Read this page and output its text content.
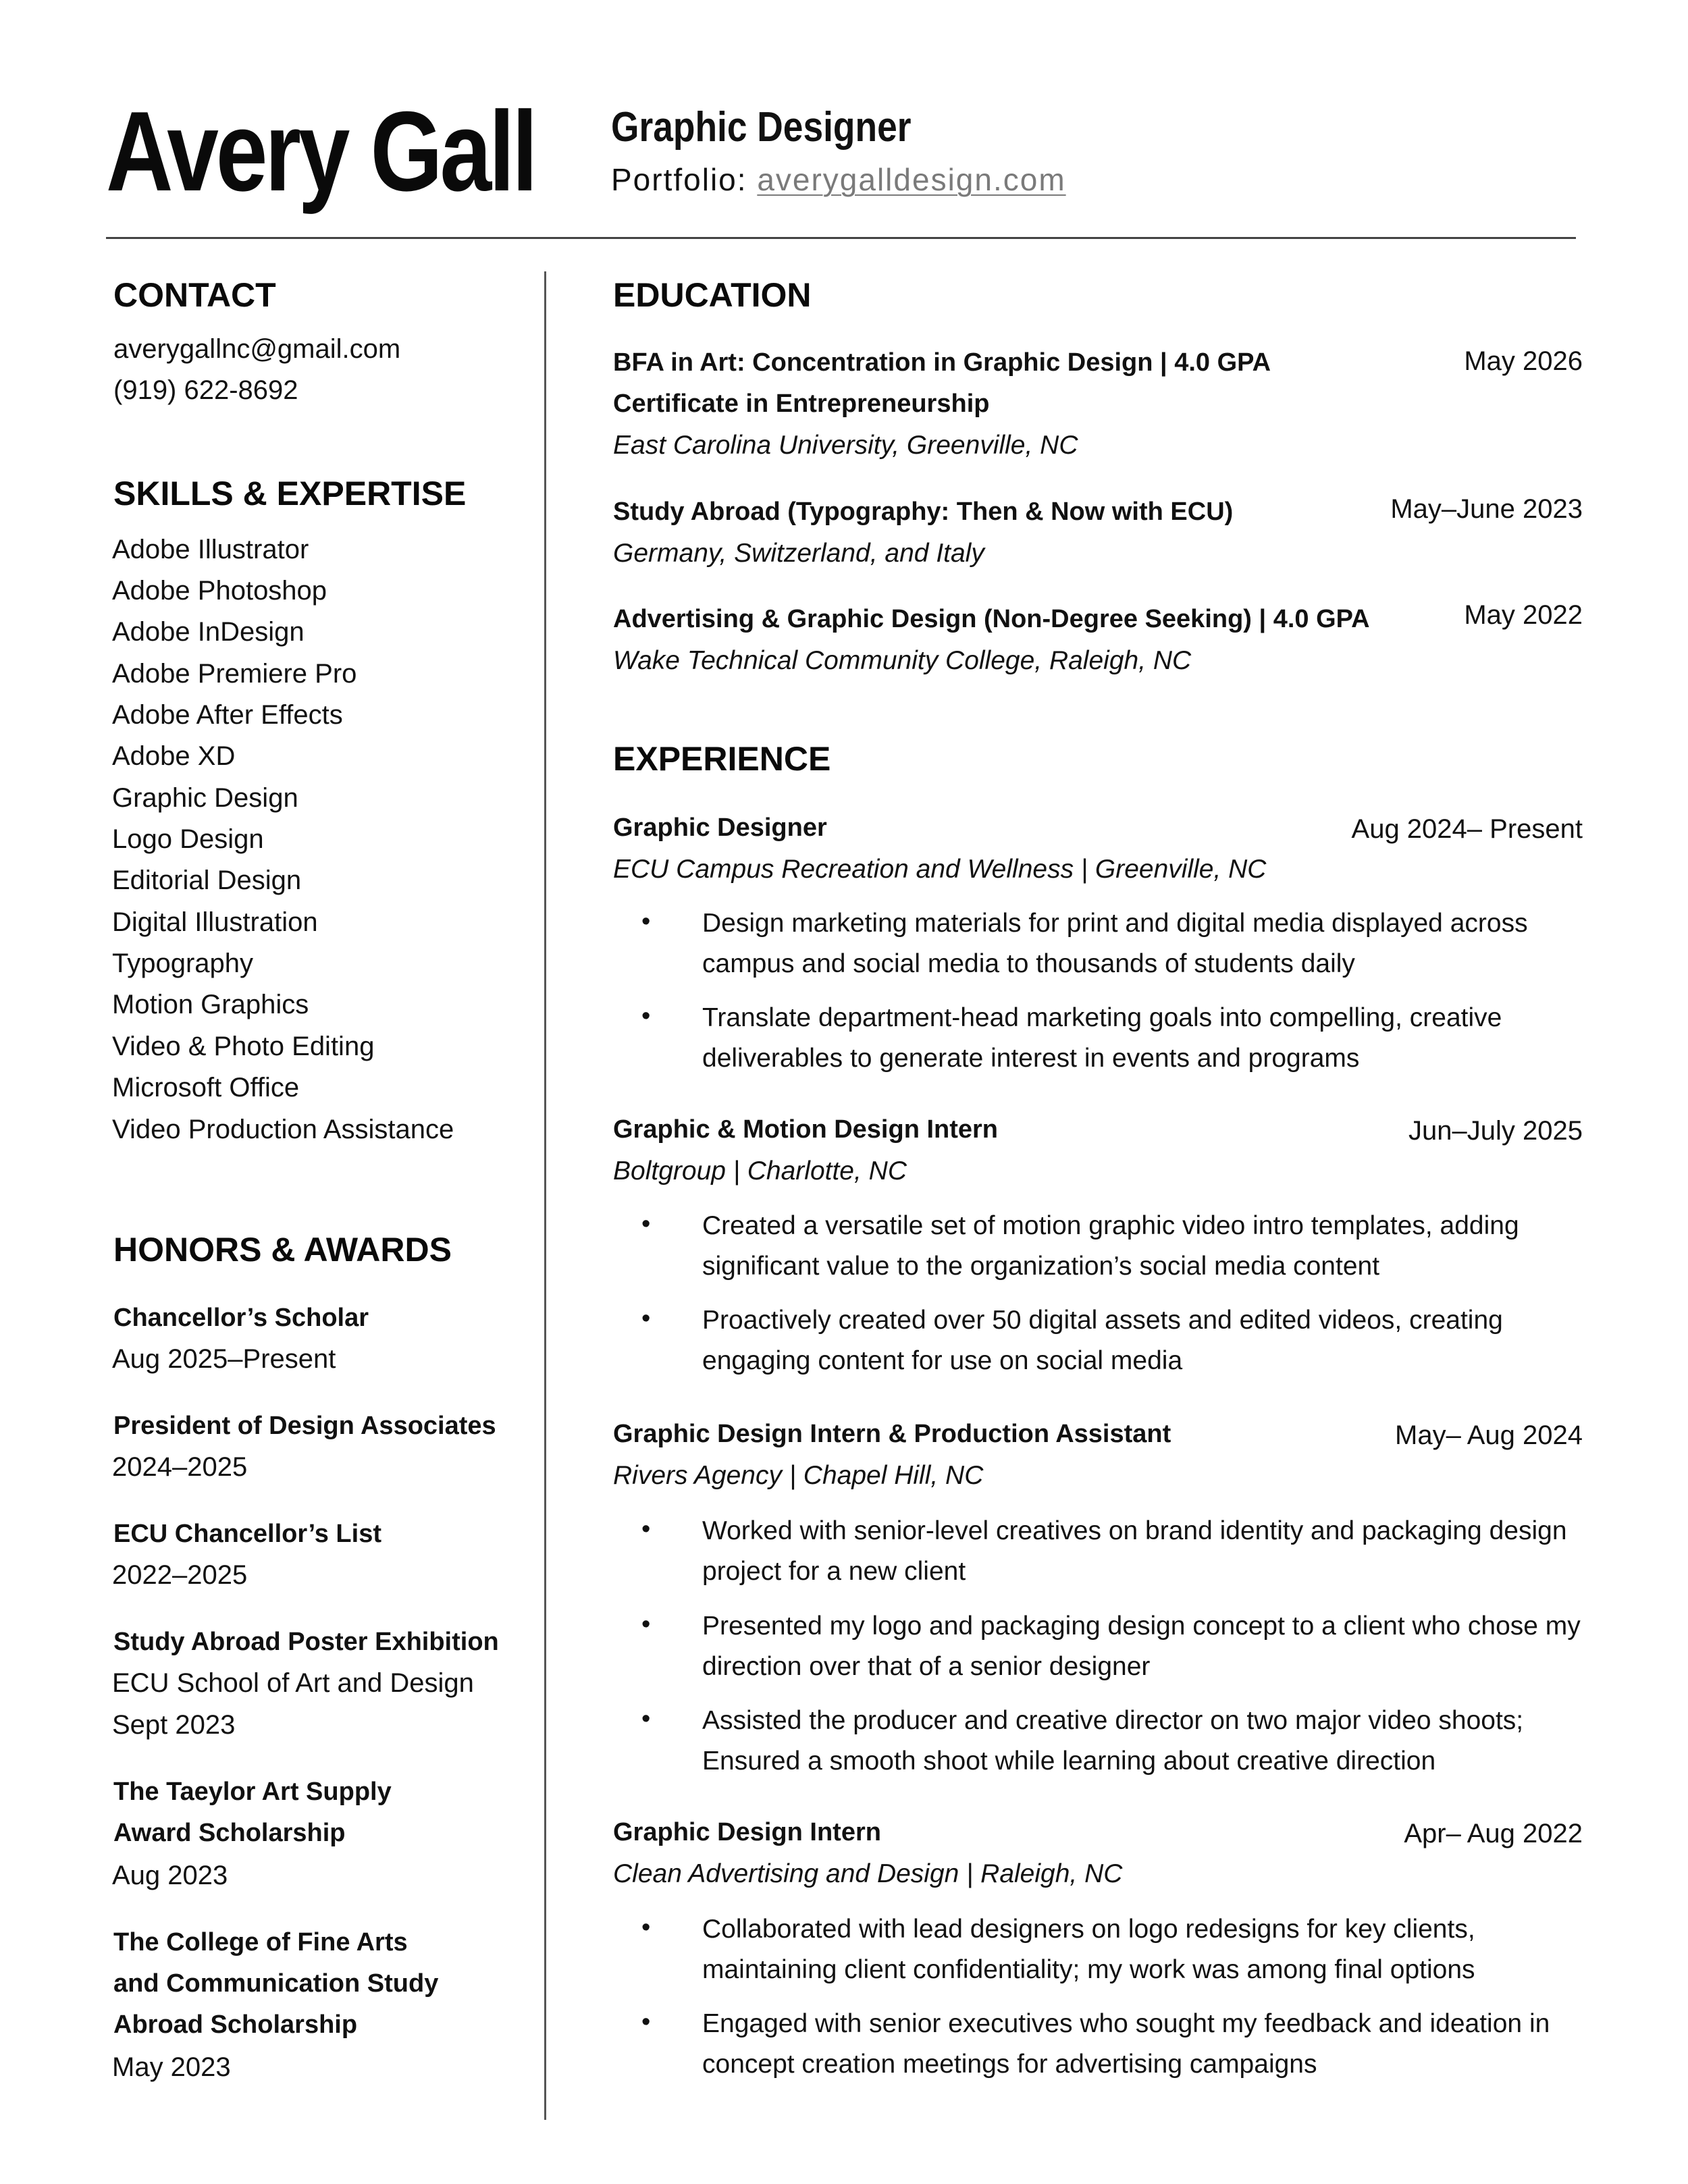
Avery Gall Graphic Designer
Portfolio: averygalldesign.com
CONTACT
averygallnc@gmail.com
(919) 622-8692
SKILLS & EXPERTISE
Adobe Illustrator
Adobe Photoshop
Adobe InDesign
Adobe Premiere Pro
Adobe After Effects
Adobe XD
Graphic Design
Logo Design
Editorial Design
Digital Illustration
Typography
Motion Graphics
Video & Photo Editing
Microsoft Office
Video Production Assistance
HONORS & AWARDS
Chancellor’s Scholar
Aug 2025–Present
President of Design Associates
2024–2025
ECU Chancellor’s List
2022–2025
Study Abroad Poster Exhibition
ECU School of Art and Design
Sept 2023
The Taeylor Art Supply
Award Scholarship
Aug 2023
The College of Fine Arts
and Communication Study
Abroad Scholarship
May 2023
EDUCATION
BFA in Art: Concentration in Graphic Design | 4.0 GPA	May 2026
Certificate in Entrepreneurship
East Carolina University, Greenville, NC
Study Abroad (Typography: Then & Now with ECU)	May–June 2023
Germany, Switzerland, and Italy
Advertising & Graphic Design (Non-Degree Seeking) | 4.0 GPA	May 2022
Wake Technical Community College, Raleigh, NC
EXPERIENCE
Graphic Designer	Aug 2024– Present
ECU Campus Recreation and Wellness | Greenville, NC
• Design marketing materials for print and digital media displayed across campus and social media to thousands of students daily
• Translate department-head marketing goals into compelling, creative deliverables to generate interest in events and programs
Graphic & Motion Design Intern	Jun–July 2025
Boltgroup | Charlotte, NC
• Created a versatile set of motion graphic video intro templates, adding significant value to the organization’s social media content
• Proactively created over 50 digital assets and edited videos, creating engaging content for use on social media
Graphic Design Intern & Production Assistant	May– Aug 2024
Rivers Agency | Chapel Hill, NC
• Worked with senior-level creatives on brand identity and packaging design project for a new client
• Presented my logo and packaging design concept to a client who chose my direction over that of a senior designer
• Assisted the producer and creative director on two major video shoots; Ensured a smooth shoot while learning about creative direction
Graphic Design Intern	Apr– Aug 2022
Clean Advertising and Design | Raleigh, NC
• Collaborated with lead designers on logo redesigns for key clients, maintaining client confidentiality; my work was among final options
• Engaged with senior executives who sought my feedback and ideation in concept creation meetings for advertising campaigns
